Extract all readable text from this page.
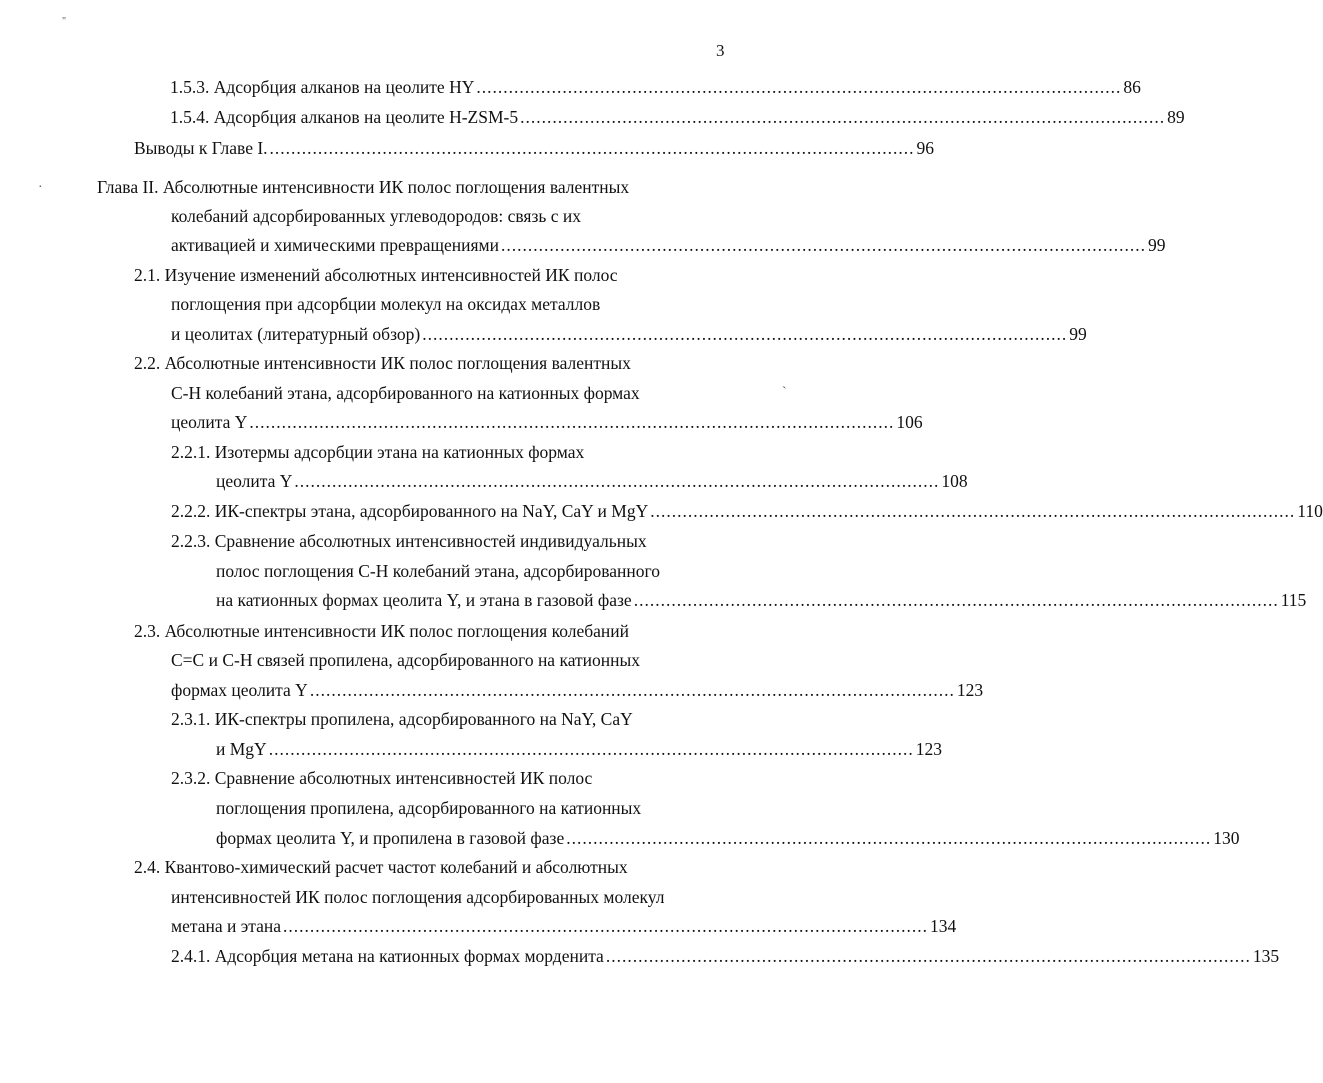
3
"
·
`
1.5.3. Адсорбция алканов на цеолите HY ........................................................................................................................ 86
1.5.4. Адсорбция алканов на цеолите H-ZSM-5 ........................................................................................................................ 89
Выводы к Главе I. ........................................................................................................................ 96
Глава II. Абсолютные интенсивности ИК полос поглощения валентных
колебаний адсорбированных углеводородов: связь с их
активацией и химическими превращениями ........................................................................................................................ 99
2.1. Изучение изменений абсолютных интенсивностей ИК полос
поглощения при адсорбции молекул на оксидах металлов
и цеолитах (литературный обзор) ........................................................................................................................ 99
2.2. Абсолютные интенсивности ИК полос поглощения валентных
C-H колебаний этана, адсорбированного на катионных формах
цеолита Y ........................................................................................................................ 106
2.2.1. Изотермы адсорбции этана на катионных формах
цеолита Y ........................................................................................................................ 108
2.2.2. ИК-спектры этана, адсорбированного на NaY, CaY и MgY ........................................................................................................................ 110
2.2.3. Сравнение абсолютных интенсивностей индивидуальных
полос поглощения C-H колебаний этана, адсорбированного
на катионных формах цеолита Y, и этана в газовой фазе ........................................................................................................................ 115
2.3. Абсолютные интенсивности ИК полос поглощения колебаний
C=C и C-H связей пропилена, адсорбированного на катионных
формах цеолита Y ........................................................................................................................ 123
2.3.1. ИК-спектры пропилена, адсорбированного на NaY, CaY
и MgY ........................................................................................................................ 123
2.3.2. Сравнение абсолютных интенсивностей ИК полос
поглощения пропилена, адсорбированного на катионных
формах цеолита Y, и пропилена в газовой фазе ........................................................................................................................ 130
2.4. Квантово-химический расчет частот колебаний и абсолютных
интенсивностей ИК полос поглощения адсорбированных молекул
метана и этана ........................................................................................................................ 134
2.4.1. Адсорбция метана на катионных формах морденита ........................................................................................................................ 135
